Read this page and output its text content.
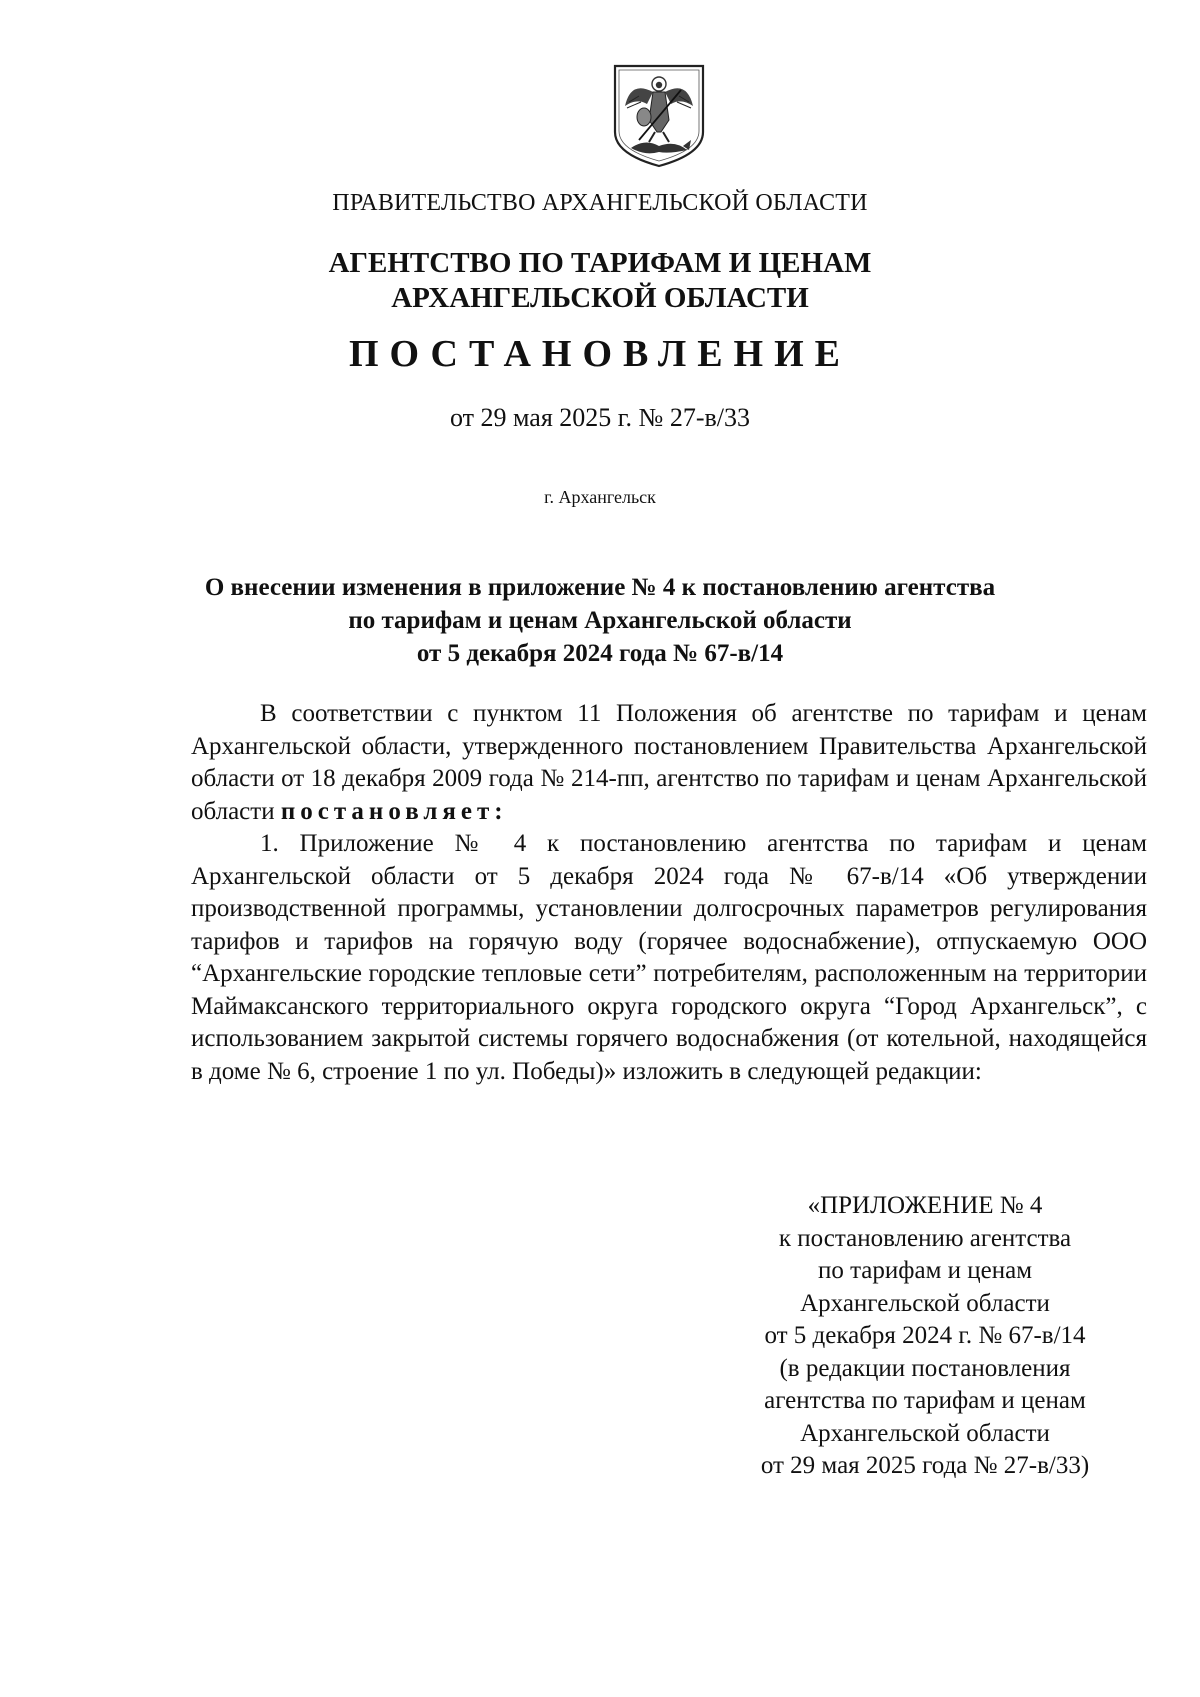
ПРАВИТЕЛЬСТВО АРХАНГЕЛЬСКОЙ ОБЛАСТИ
АГЕНТСТВО ПО ТАРИФАМ И ЦЕНАМ
АРХАНГЕЛЬСКОЙ ОБЛАСТИ
ПОСТАНОВЛЕНИЕ
от 29 мая 2025 г. № 27-в/33
г. Архангельск
О внесении изменения в приложение № 4 к постановлению агентства
по тарифам и ценам Архангельской области
от 5 декабря 2024 года № 67-в/14

В соответствии с пунктом 11 Положения об агентстве по тарифам и ценам Архангельской области, утвержденного постановлением Правительства Архангельской области от 18 декабря 2009 года № 214-пп, агентство по тарифам и ценам Архангельской области постановляет:

1. Приложение № 4 к постановлению агентства по тарифам и ценам Архангельской области от 5 декабря 2024 года № 67-в/14 «Об утверждении производственной программы, установлении долгосрочных параметров регулирования тарифов и тарифов на горячую воду (горячее водоснабжение), отпускаемую ООО “Архангельские городские тепловые сети” потребителям, расположенным на территории Маймаксанского территориального округа городского округа “Город Архангельск”, с использованием закрытой системы горячего водоснабжения (от котельной, находящейся в доме № 6, строение 1 по ул. Победы)» изложить в следующей редакции:

«ПРИЛОЖЕНИЕ № 4
к постановлению агентства
по тарифам и ценам
Архангельской области
от 5 декабря 2024 г. № 67-в/14
(в редакции постановления
агентства по тарифам и ценам
Архангельской области
от 29 мая 2025 года № 27-в/33)
